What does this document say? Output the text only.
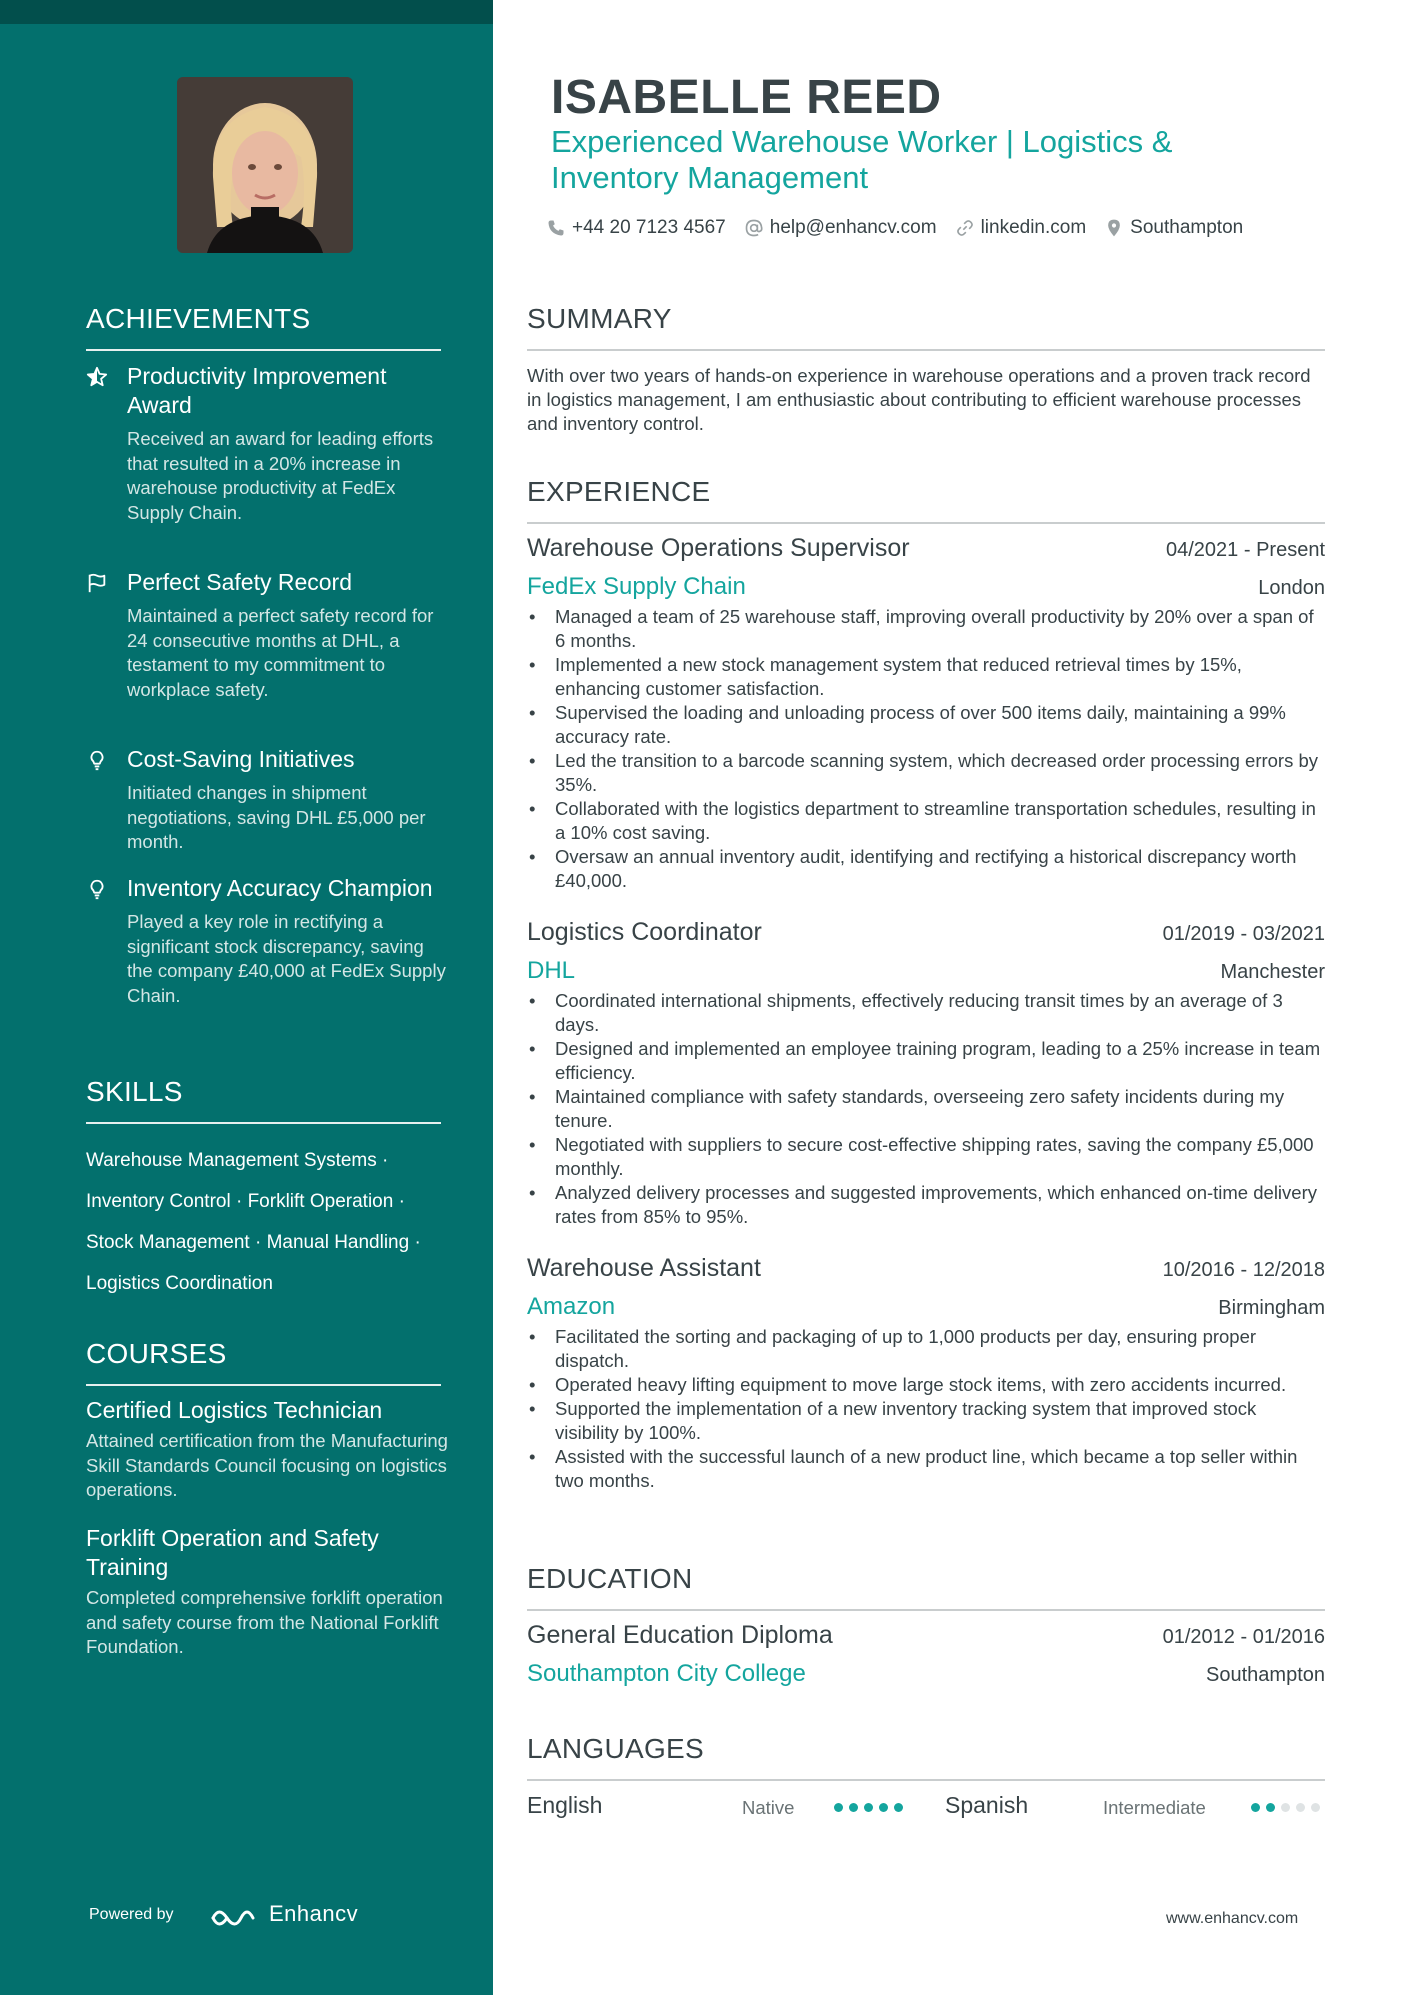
ACHIEVEMENTS
Productivity Improvement Award
Received an award for leading efforts that resulted in a 20% increase in warehouse productivity at FedEx Supply Chain.
Perfect Safety Record
Maintained a perfect safety record for 24 consecutive months at DHL, a testament to my commitment to workplace safety.
Cost-Saving Initiatives
Initiated changes in shipment negotiations, saving DHL £5,000 per month.
Inventory Accuracy Champion
Played a key role in rectifying a significant stock discrepancy, saving the company £40,000 at FedEx Supply Chain.
SKILLS
Warehouse Management Systems ·
Inventory Control · Forklift Operation ·
Stock Management · Manual Handling ·
Logistics Coordination
COURSES
Certified Logistics Technician
Attained certification from the Manufacturing Skill Standards Council focusing on logistics operations.
Forklift Operation and Safety Training
Completed comprehensive forklift operation and safety course from the National Forklift Foundation.
Powered by	Enhancv
ISABELLE REED
Experienced Warehouse Worker | Logistics & Inventory Management
+44 20 7123 4567 help@enhancv.com linkedin.com Southampton
SUMMARY
With over two years of hands-on experience in warehouse operations and a proven track record in logistics management, I am enthusiastic about contributing to efficient warehouse processes and inventory control.
EXPERIENCE
Warehouse Operations Supervisor	04/2021 - Present
FedEx Supply Chain	London
• Managed a team of 25 warehouse staff, improving overall productivity by 20% over a span of 6 months.
• Implemented a new stock management system that reduced retrieval times by 15%, enhancing customer satisfaction.
• Supervised the loading and unloading process of over 500 items daily, maintaining a 99% accuracy rate.
• Led the transition to a barcode scanning system, which decreased order processing errors by 35%.
• Collaborated with the logistics department to streamline transportation schedules, resulting in a 10% cost saving.
• Oversaw an annual inventory audit, identifying and rectifying a historical discrepancy worth £40,000.
Logistics Coordinator	01/2019 - 03/2021
DHL	Manchester
• Coordinated international shipments, effectively reducing transit times by an average of 3 days.
• Designed and implemented an employee training program, leading to a 25% increase in team efficiency.
• Maintained compliance with safety standards, overseeing zero safety incidents during my tenure.
• Negotiated with suppliers to secure cost-effective shipping rates, saving the company £5,000 monthly.
• Analyzed delivery processes and suggested improvements, which enhanced on-time delivery rates from 85% to 95%.
Warehouse Assistant	10/2016 - 12/2018
Amazon	Birmingham
• Facilitated the sorting and packaging of up to 1,000 products per day, ensuring proper dispatch.
• Operated heavy lifting equipment to move large stock items, with zero accidents incurred.
• Supported the implementation of a new inventory tracking system that improved stock visibility by 100%.
• Assisted with the successful launch of a new product line, which became a top seller within two months.
EDUCATION
General Education Diploma	01/2012 - 01/2016
Southampton City College	Southampton
LANGUAGES
English	Native	Spanish	Intermediate
www.enhancv.com
